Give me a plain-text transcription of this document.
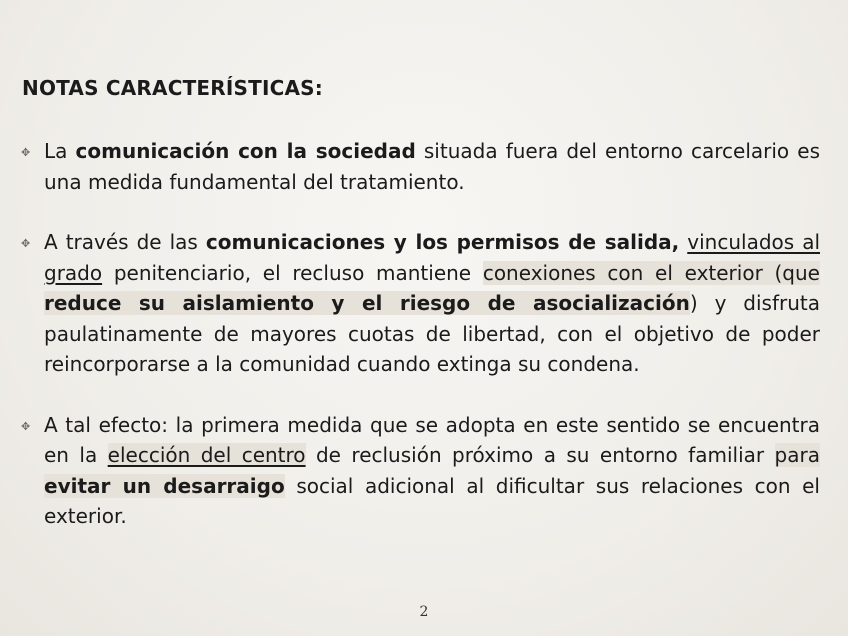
NOTAS CARACTERÍSTICAS:
✥ La comunicación con la sociedad situada fuera del entorno carcelario es una medida fundamental del tratamiento.
✥ A través de las comunicaciones y los permisos de salida, vinculados al grado penitenciario, el recluso mantiene conexiones con el exterior (que reduce su aislamiento y el riesgo de asocialización) y disfruta paulatinamente de mayores cuotas de libertad, con el objetivo de poder reincorporarse a la comunidad cuando extinga su condena.
✥ A tal efecto: la primera medida que se adopta en este sentido se encuentra en la elección del centro de reclusión próximo a su entorno familiar para evitar un desarraigo social adicional al dificultar sus relaciones con el exterior.
2
